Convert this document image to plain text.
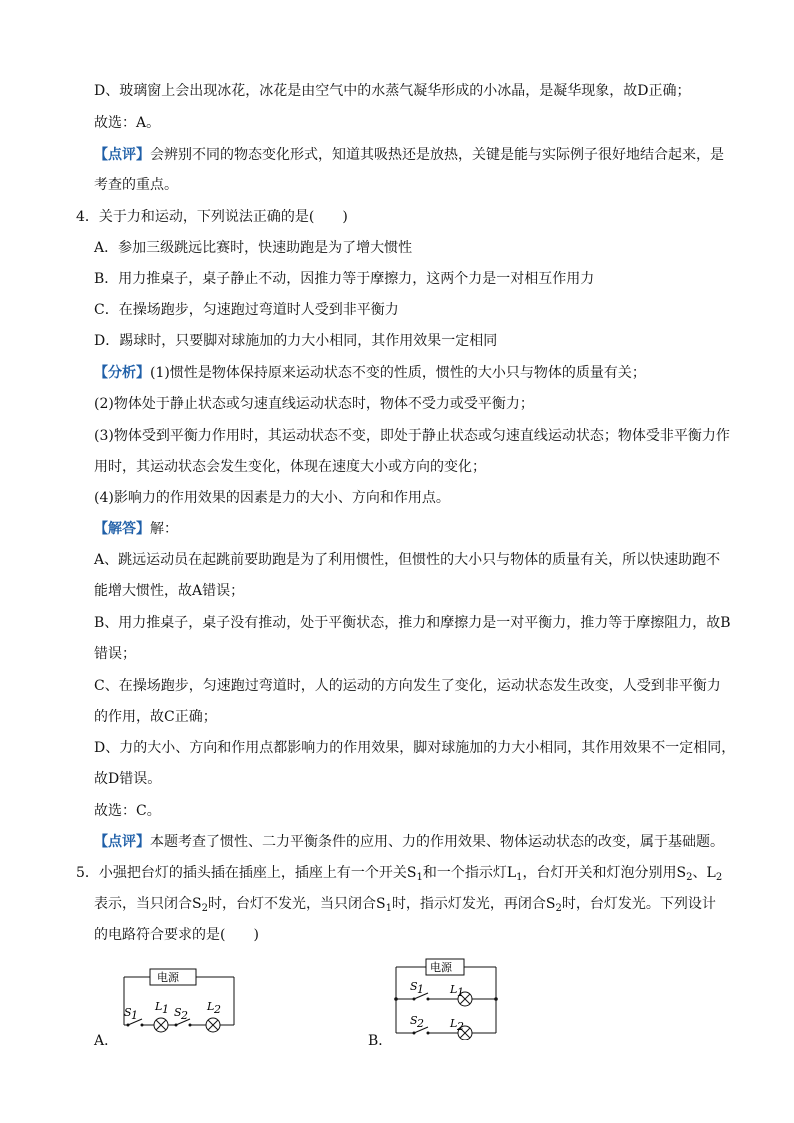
D、玻璃窗上会出现冰花，冰花是由空气中的水蒸气凝华形成的小冰晶，是凝华现象，故D正确；
故选：A。
【点评】会辨别不同的物态变化形式，知道其吸热还是放热，关键是能与实际例子很好地结合起来，是
考查的重点。
4．关于力和运动，下列说法正确的是(　　)
A．参加三级跳远比赛时，快速助跑是为了增大惯性
B．用力推桌子，桌子静止不动，因推力等于摩擦力，这两个力是一对相互作用力
C．在操场跑步，匀速跑过弯道时人受到非平衡力
D．踢球时，只要脚对球施加的力大小相同，其作用效果一定相同
【分析】(1)惯性是物体保持原来运动状态不变的性质，惯性的大小只与物体的质量有关；
(2)物体处于静止状态或匀速直线运动状态时，物体不受力或受平衡力；
(3)物体受到平衡力作用时，其运动状态不变，即处于静止状态或匀速直线运动状态；物体受非平衡力作
用时，其运动状态会发生变化，体现在速度大小或方向的变化；
(4)影响力的作用效果的因素是力的大小、方向和作用点。
【解答】解：
A、跳远运动员在起跳前要助跑是为了利用惯性，但惯性的大小只与物体的质量有关，所以快速助跑不
能增大惯性，故A错误；
B、用力推桌子，桌子没有推动，处于平衡状态，推力和摩擦力是一对平衡力，推力等于摩擦阻力，故B
错误；
C、在操场跑步，匀速跑过弯道时，人的运动的方向发生了变化，运动状态发生改变，人受到非平衡力
的作用，故C正确；
D、力的大小、方向和作用点都影响力的作用效果，脚对球施加的力大小相同，其作用效果不一定相同，
故D错误。
故选：C。
【点评】本题考查了惯性、二力平衡条件的应用、力的作用效果、物体运动状态的改变，属于基础题。
5．小强把台灯的插头插在插座上，插座上有一个开关$S_1$和一个指示灯$L_1$，台灯开关和灯泡分别用$S_2$、$L_2$
表示，当只闭合$S_2$时，台灯不发光，当只闭合$S_1$时，指示灯发光，再闭合$S_2$时，台灯发光。下列设计
的电路符合要求的是(　　)
A．
电源
S 1
L 1 S 2
L 2
B．
电源
S 1 L 1
S 2 L 2
